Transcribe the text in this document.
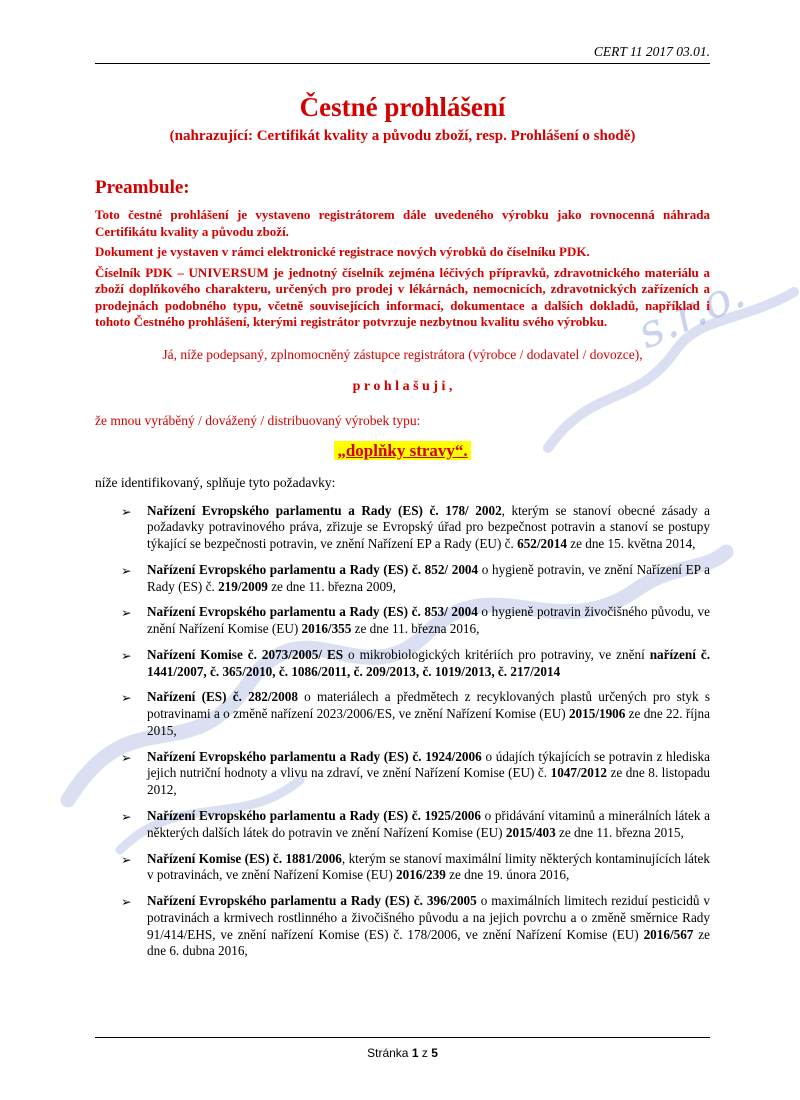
s.r.o.
CERT 11 2017 03.01.
Čestné prohlášení
(nahrazující: Certifikát kvality a původu zboží, resp. Prohlášení o shodě)
Preambule:

Toto čestné prohlášení je vystaveno registrátorem dále uvedeného výrobku jako rovnocenná náhrada Certifikátu kvality a původu zboží.

Dokument je vystaven v rámci elektronické registrace nových výrobků do číselníku PDK.

Číselník PDK – UNIVERSUM je jednotný číselník zejména léčivých přípravků, zdravotnického materiálu a zboží doplňkového charakteru, určených pro prodej v lékárnách, nemocnicích, zdravotnických zařízeních a prodejnách podobného typu, včetně souvisejících informací, dokumentace a dalších dokladů, například i tohoto Čestného prohlášení, kterými registrátor potvrzuje nezbytnou kvalitu svého výrobku.

Já, níže podepsaný, zplnomocněný zástupce registrátora (výrobce / dodavatel / dovozce),

p r o h l a š u j i ,

že mnou vyráběný / dovážený / distribuovaný výrobek typu:

„doplňky stravy“.

níže identifikovaný, splňuje tyto požadavky:

➢	Nařízení Evropského parlamentu a Rady (ES) č. 178/ 2002, kterým se stanoví obecné zásady a požadavky potravinového práva, zřizuje se Evropský úřad pro bezpečnost potravin a stanoví se postupy týkající se bezpečnosti potravin, ve znění Nařízení EP a Rady (EU) č. 652/2014 ze dne 15. května 2014,
➢	Nařízení Evropského parlamentu a Rady (ES) č. 852/ 2004 o hygieně potravin, ve znění Nařízení EP a Rady (ES) č. 219/2009 ze dne 11. března 2009,
➢	Nařízení Evropského parlamentu a Rady (ES) č. 853/ 2004 o hygieně potravin živočišného původu, ve znění Nařízení Komise (EU) 2016/355 ze dne 11. března 2016,
➢	Nařízení Komise č. 2073/2005/ ES o mikrobiologických kritériích pro potraviny, ve znění nařízení č. 1441/2007, č. 365/2010, č. 1086/2011, č. 209/2013, č. 1019/2013, č. 217/2014
➢	Nařízení (ES) č. 282/2008 o materiálech a předmětech z recyklovaných plastů určených pro styk s potravinami a o změně nařízení 2023/2006/ES, ve znění Nařízení Komise (EU) 2015/1906 ze dne 22. října 2015,
➢	Nařízení Evropského parlamentu a Rady (ES) č. 1924/2006 o údajích týkajících se potravin z hlediska jejich nutriční hodnoty a vlivu na zdraví, ve znění Nařízení Komise (EU) č. 1047/2012 ze dne 8. listopadu 2012,
➢	Nařízení Evropského parlamentu a Rady (ES) č. 1925/2006 o přidávání vitaminů a minerálních látek a některých dalších látek do potravin ve znění Nařízení Komise (EU) 2015/403 ze dne 11. března 2015,
➢	Nařízení Komise (ES) č. 1881/2006, kterým se stanoví maximální limity některých kontaminujících látek v potravinách, ve znění Nařízení Komise (EU) 2016/239 ze dne 19. února 2016,
➢	Nařízení Evropského parlamentu a Rady (ES) č. 396/2005 o maximálních limitech reziduí pesticidů v potravinách a krmivech rostlinného a živočišného původu a na jejich povrchu a o změně směrnice Rady 91/414/EHS, ve znění nařízení Komise (ES) č. 178/2006, ve znění Nařízení Komise (EU) 2016/567 ze dne 6. dubna 2016,
Stránka 1 z 5
